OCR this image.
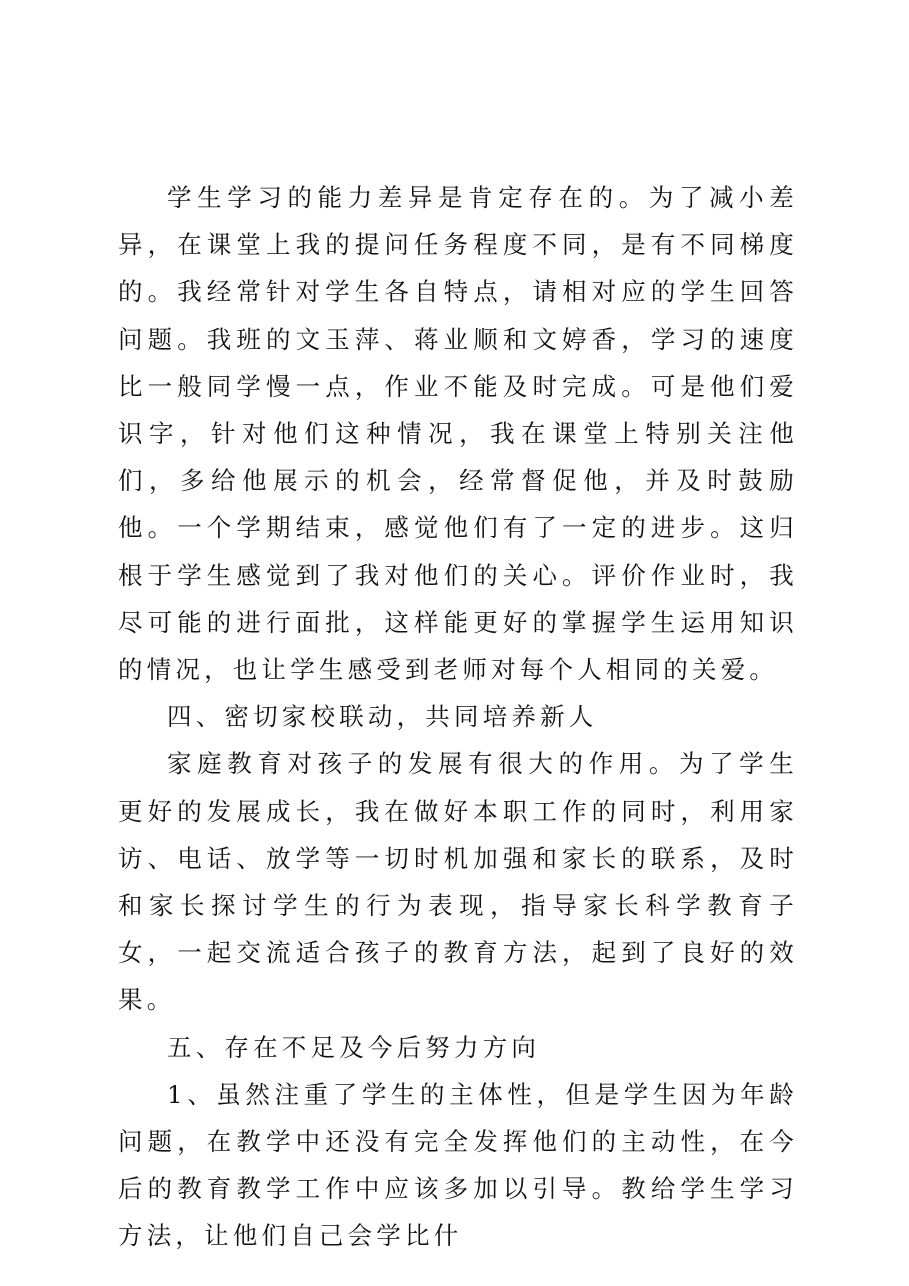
学生学习的能力差异是肯定存在的。为了减小差异，在课堂上我的提问任务程度不同，是有不同梯度的。我经常针对学生各自特点，请相对应的学生回答问题。我班的文玉萍、蒋业顺和文婷香，学习的速度比一般同学慢一点，作业不能及时完成。可是他们爱识字，针对他们这种情况，我在课堂上特别关注他们，多给他展示的机会，经常督促他，并及时鼓励他。一个学期结束，感觉他们有了一定的进步。这归根于学生感觉到了我对他们的关心。评价作业时，我尽可能的进行面批，这样能更好的掌握学生运用知识的情况，也让学生感受到老师对每个人相同的关爱。

四、密切家校联动，共同培养新人

家庭教育对孩子的发展有很大的作用。为了学生更好的发展成长，我在做好本职工作的同时，利用家访、电话、放学等一切时机加强和家长的联系，及时和家长探讨学生的行为表现，指导家长科学教育子女，一起交流适合孩子的教育方法，起到了良好的效果。

五、存在不足及今后努力方向

1、虽然注重了学生的主体性，但是学生因为年龄问题，在教学中还没有完全发挥他们的主动性，在今后的教育教学工作中应该多加以引导。教给学生学习方法，让他们自己会学比什
